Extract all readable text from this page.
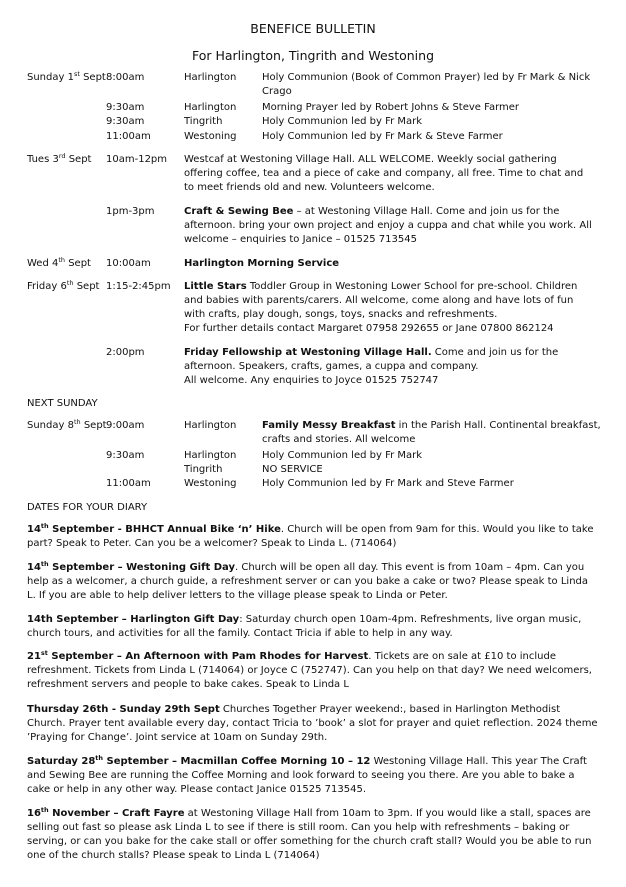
BENEFICE BULLETIN
For Harlington, Tingrith and Westoning
Sunday 1st Sept 8:00am	Harlington	Holy Communion (Book of Common Prayer) led by Fr Mark & Nick Crago
9:30am	Harlington	Morning Prayer led by Robert Johns & Steve Farmer
9:30am	Tingrith	Holy Communion led by Fr Mark
11:00am	Westoning	Holy Communion led by Fr Mark & Steve Farmer
Tues 3rd Sept 10am-12pm Westcaf at Westoning Village Hall. ALL WELCOME. Weekly social gathering offering coffee, tea and a piece of cake and company, all free. Time to chat and to meet friends old and new. Volunteers welcome.
1pm-3pm	Craft & Sewing Bee – at Westoning Village Hall. Come and join us for the afternoon. bring your own project and enjoy a cuppa and chat while you work. All welcome – enquiries to Janice – 01525 713545
Wed 4th Sept 10:00am	Harlington Morning Service
Friday 6th Sept 1:15-2:45pm Little Stars Toddler Group in Westoning Lower School for pre-school. Children and babies with parents/carers. All welcome, come along and have lots of fun with crafts, play dough, songs, toys, snacks and refreshments.
For further details contact Margaret 07958 292655 or Jane 07800 862124
2:00pm	Friday Fellowship at Westoning Village Hall. Come and join us for the afternoon. Speakers, crafts, games, a cuppa and company.
All welcome. Any enquiries to Joyce 01525 752747
NEXT SUNDAY
Sunday 8th Sept 9:00am	Harlington	Family Messy Breakfast in the Parish Hall. Continental breakfast, crafts and stories. All welcome
9:30am	Harlington	Holy Communion led by Fr Mark
Tingrith	NO SERVICE
11:00am	Westoning	Holy Communion led by Fr Mark and Steve Farmer
DATES FOR YOUR DIARY
14th September - BHHCT Annual Bike ‘n’ Hike. Church will be open from 9am for this. Would you like to take part? Speak to Peter. Can you be a welcomer? Speak to Linda L. (714064)
14th September – Westoning Gift Day. Church will be open all day. This event is from 10am – 4pm. Can you help as a welcomer, a church guide, a refreshment server or can you bake a cake or two? Please speak to Linda L. If you are able to help deliver letters to the village please speak to Linda or Peter.
14th September – Harlington Gift Day: Saturday church open 10am-4pm. Refreshments, live organ music, church tours, and activities for all the family. Contact Tricia if able to help in any way.
21st September – An Afternoon with Pam Rhodes for Harvest. Tickets are on sale at £10 to include refreshment. Tickets from Linda L (714064) or Joyce C (752747). Can you help on that day? We need welcomers, refreshment servers and people to bake cakes. Speak to Linda L
Thursday 26th - Sunday 29th Sept Churches Together Prayer weekend:, based in Harlington Methodist Church. Prayer tent available every day, contact Tricia to ’book’ a slot for prayer and quiet reflection. 2024 theme ’Praying for Change’. Joint service at 10am on Sunday 29th.
Saturday 28th September – Macmillan Coffee Morning 10 – 12 Westoning Village Hall. This year The Craft and Sewing Bee are running the Coffee Morning and look forward to seeing you there. Are you able to bake a cake or help in any other way. Please contact Janice 01525 713545.
16th November – Craft Fayre at Westoning Village Hall from 10am to 3pm. If you would like a stall, spaces are selling out fast so please ask Linda L to see if there is still room. Can you help with refreshments – baking or serving, or can you bake for the cake stall or offer something for the church craft stall? Would you be able to run one of the church stalls? Please speak to Linda L (714064)
